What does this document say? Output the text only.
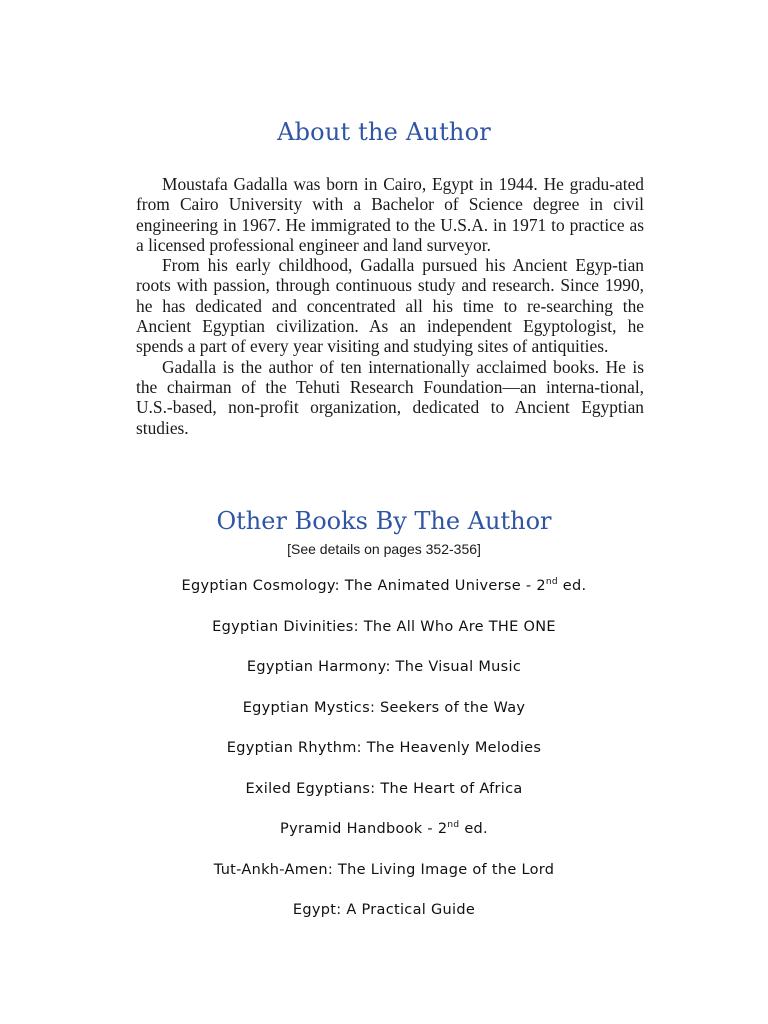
About the Author

Moustafa Gadalla was born in Cairo, Egypt in 1944. He gradu-ated from Cairo University with a Bachelor of Science degree in civil engineering in 1967. He immigrated to the U.S.A. in 1971 to practice as a licensed professional engineer and land surveyor.

From his early childhood, Gadalla pursued his Ancient Egyp-tian roots with passion, through continuous study and research. Since 1990, he has dedicated and concentrated all his time to re-searching the Ancient Egyptian civilization. As an independent Egyptologist, he spends a part of every year visiting and studying sites of antiquities.

Gadalla is the author of ten internationally acclaimed books. He is the chairman of the Tehuti Research Foundation—an interna-tional, U.S.-based, non-profit organization, dedicated to Ancient Egyptian studies.

Other Books By The Author
[See details on pages 352-356]
Egyptian Cosmology: The Animated Universe - 2nd ed.
Egyptian Divinities: The All Who Are THE ONE
Egyptian Harmony: The Visual Music
Egyptian Mystics: Seekers of the Way
Egyptian Rhythm: The Heavenly Melodies
Exiled Egyptians: The Heart of Africa
Pyramid Handbook - 2nd ed.
Tut-Ankh-Amen: The Living Image of the Lord
Egypt: A Practical Guide
